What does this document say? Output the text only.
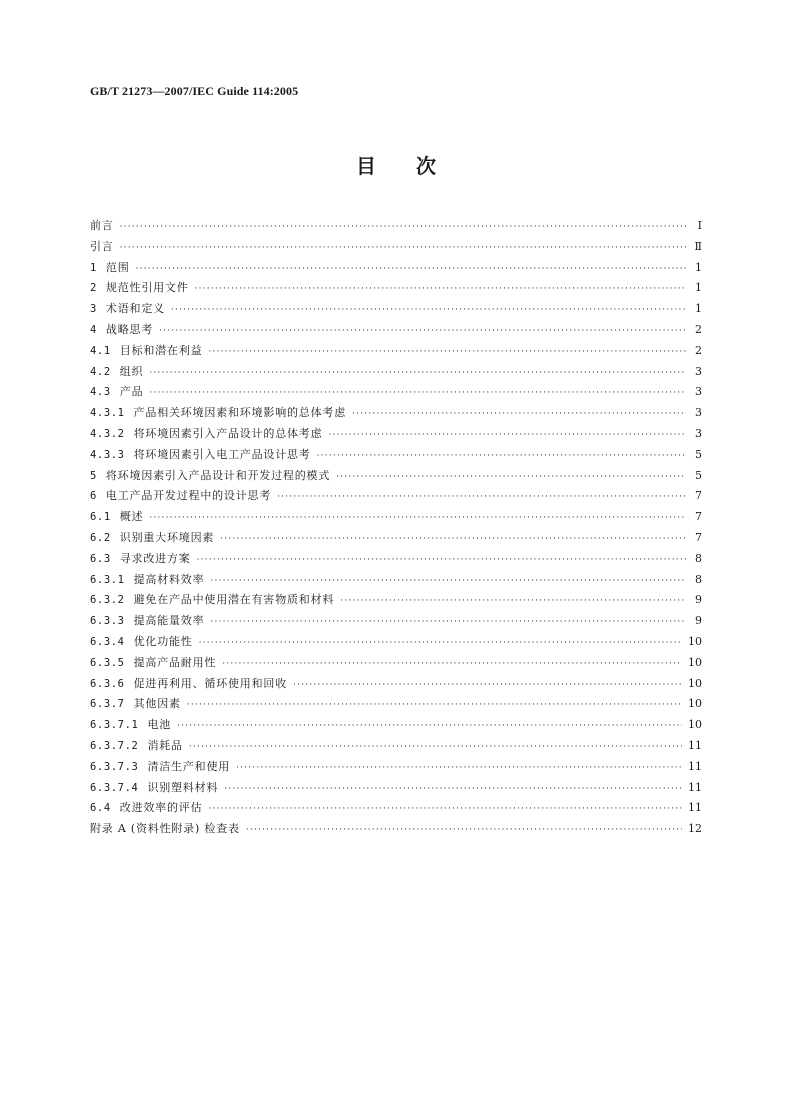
GB/T 21273—2007/IEC Guide 114:2005
目 次
前言 ·····	Ⅰ
引言 ·····	Ⅱ
1 范围 ·····	1
2 规范性引用文件 ·····	1
3 术语和定义 ·····	1
4 战略思考 ·····	2
4.1 目标和潜在利益 ·····	2
4.2 组织 ·····	3
4.3 产品 ·····	3
4.3.1 产品相关环境因素和环境影响的总体考虑 ·····	3
4.3.2 将环境因素引入产品设计的总体考虑 ·····	3
4.3.3 将环境因素引入电工产品设计思考 ·····	5
5 将环境因素引入产品设计和开发过程的模式 ·····	5
6 电工产品开发过程中的设计思考 ·····	7
6.1 概述 ·····	7
6.2 识别重大环境因素 ·····	7
6.3 寻求改进方案 ·····	8
6.3.1 提高材料效率 ·····	8
6.3.2 避免在产品中使用潜在有害物质和材料 ·····	9
6.3.3 提高能量效率 ·····	9
6.3.4 优化功能性 ·····	10
6.3.5 提高产品耐用性 ·····	10
6.3.6 促进再利用、循环使用和回收 ·····	10
6.3.7 其他因素 ·····	10
6.3.7.1 电池 ·····	10
6.3.7.2 消耗品 ·····	11
6.3.7.3 清洁生产和使用 ·····	11
6.3.7.4 识别塑料材料 ·····	11
6.4 改进效率的评估 ·····	11
附录 A (资料性附录) 检查表 ·····	12
